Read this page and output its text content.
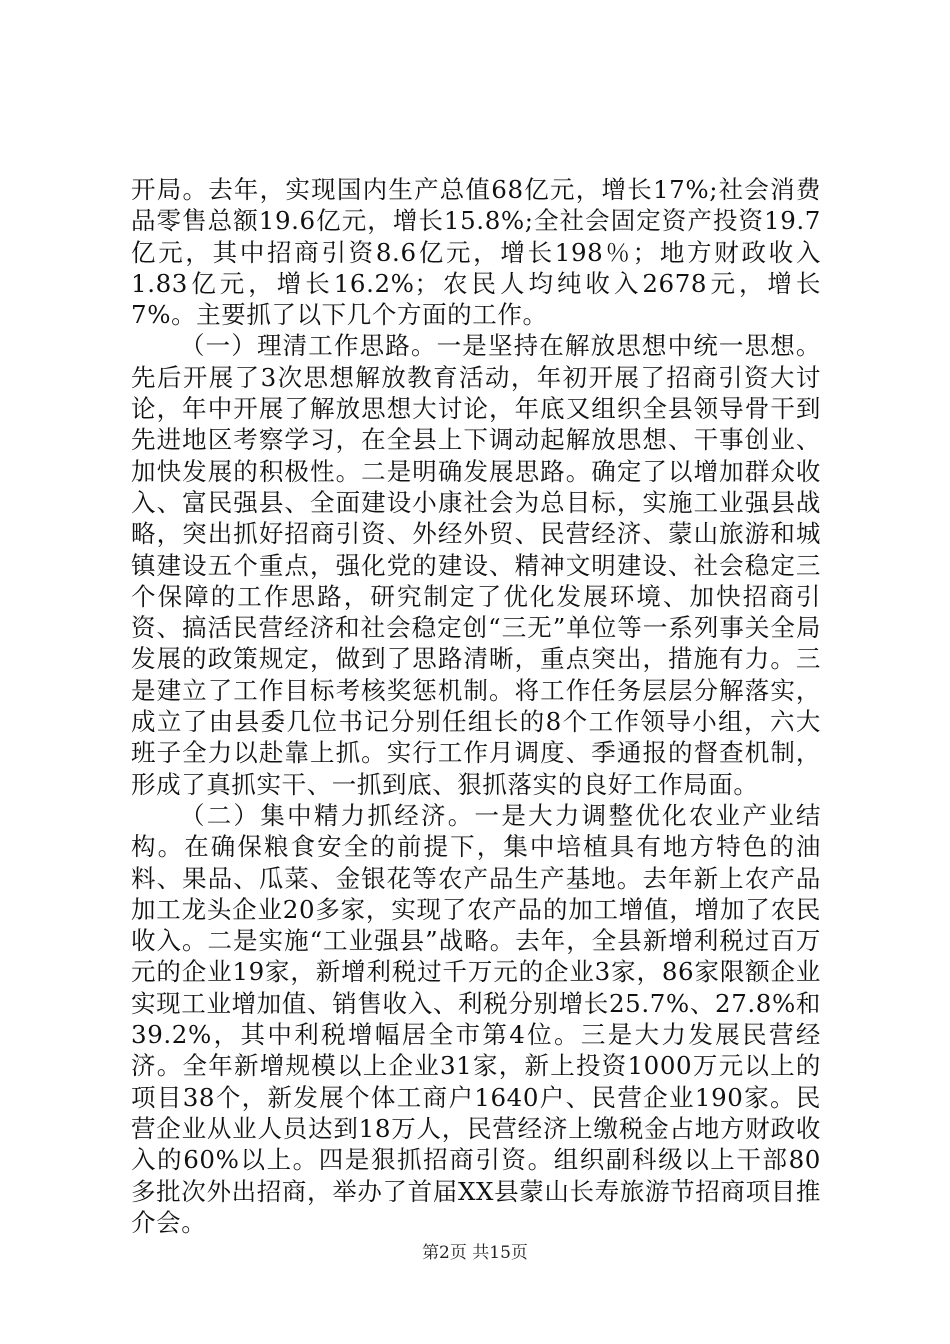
开局。去年，实现国内生产总值68亿元，增长17%;社会消费品零售总额19.6亿元，增长15.8%;全社会固定资产投资19.7亿元，其中招商引资8.6亿元，增长198％；地方财政收入1.83亿元，增长16.2%；农民人均纯收入2678元，增长7%。主要抓了以下几个方面的工作。

（一）理清工作思路。一是坚持在解放思想中统一思想。先后开展了3次思想解放教育活动，年初开展了招商引资大讨论，年中开展了解放思想大讨论，年底又组织全县领导骨干到先进地区考察学习，在全县上下调动起解放思想、干事创业、加快发展的积极性。二是明确发展思路。确定了以增加群众收入、富民强县、全面建设小康社会为总目标，实施工业强县战略，突出抓好招商引资、外经外贸、民营经济、蒙山旅游和城镇建设五个重点，强化党的建设、精神文明建设、社会稳定三个保障的工作思路，研究制定了优化发展环境、加快招商引资、搞活民营经济和社会稳定创“三无”单位等一系列事关全局发展的政策规定，做到了思路清晰，重点突出，措施有力。三是建立了工作目标考核奖惩机制。将工作任务层层分解落实，成立了由县委几位书记分别任组长的8个工作领导小组，六大班子全力以赴靠上抓。实行工作月调度、季通报的督查机制，形成了真抓实干、一抓到底、狠抓落实的良好工作局面。

（二）集中精力抓经济。一是大力调整优化农业产业结构。在确保粮食安全的前提下，集中培植具有地方特色的油料、果品、瓜菜、金银花等农产品生产基地。去年新上农产品加工龙头企业20多家，实现了农产品的加工增值，增加了农民收入。二是实施“工业强县”战略。去年，全县新增利税过百万元的企业19家，新增利税过千万元的企业3家，86家限额企业实现工业增加值、销售收入、利税分别增长25.7%、27.8%和39.2%，其中利税增幅居全市第4位。三是大力发展民营经济。全年新增规模以上企业31家，新上投资1000万元以上的项目38个，新发展个体工商户1640户、民营企业190家。民营企业从业人员达到18万人，民营经济上缴税金占地方财政收入的60%以上。四是狠抓招商引资。组织副科级以上干部80多批次外出招商，举办了首届XX县蒙山长寿旅游节招商项目推介会。

第2页 共15页
